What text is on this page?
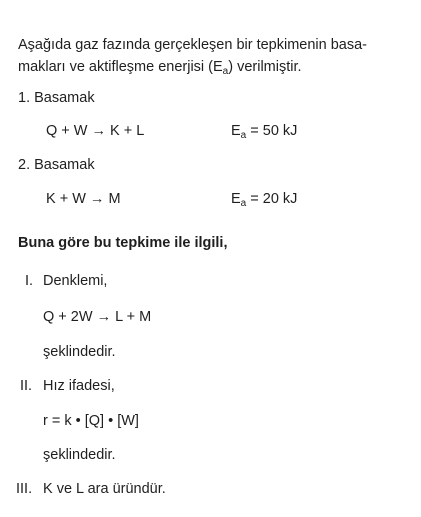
Aşağıda gaz fazında gerçekleşen bir tepkimenin basa-
makları ve aktifleşme enerjisi $(E_a)$ verilmiştir.
1. Basamak
Q + W → K + L	$E_a = 50$ kJ
2. Basamak
K + W → M	$E_a = 20$ kJ
Buna göre bu tepkime ile ilgili,
I. Denklemi,
Q + 2W → L + M
şeklindedir.
II. Hız ifadesi,
r = k • [Q] • [W]
şeklindedir.
III. K ve L ara üründür.
